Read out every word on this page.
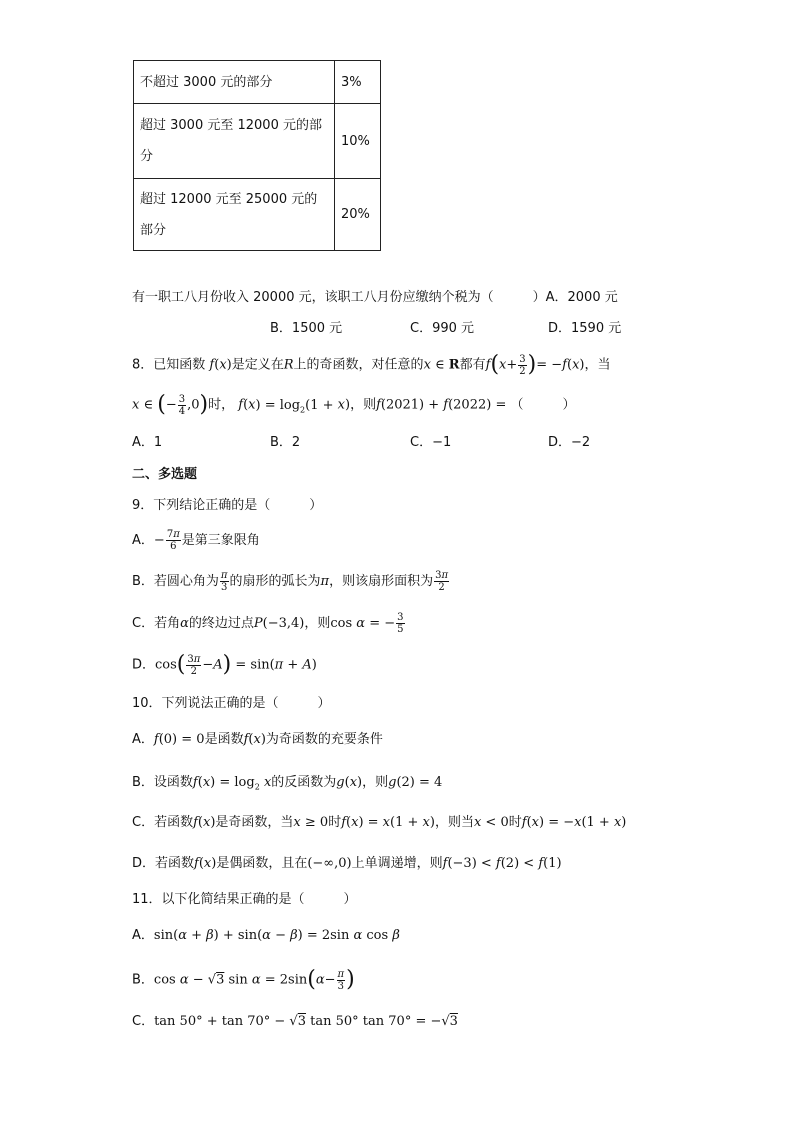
不超过 3000 元的部分	3%
超过 3000 元至 12000 元的部分	10%
超过 12000 元至 25000 元的部分	20%
有一职工八月份收入 20000 元，该职工八月份应缴纳个税为（　　　）A．2000 元
B．1500 元	C．990 元	D．1590 元
8．已知函数 f(x)是定义在R上的奇函数，对任意的x ∈ R都有$f(x+ \frac{3}{2}$ )= −f(x)，当
x ∈ (− $\frac{3}{4} ,0$)时， $f(x) = \log_2(1 + x)$，则f(2021) + f(2022) = （　　　）
A．1	B．2	C．−1	D．−2
二、多选题
9．下列结论正确的是（　　　）
A．− $\frac{7\pi}{6}$ 是第三象限角
B．若圆心角为 $\frac{\pi}{3}$ 的扇形的弧长为π，则该扇形面积为 $\frac{3\pi}{2}$
C．若角α的终边过点P(−3,4)，则cos α = − $\frac{3}{5}$
D．$\cos( \frac{3\pi}{2} -A) = \sin(\pi + A)$
10．下列说法正确的是（　　　）
A．f(0) = 0是函数f(x)为奇函数的充要条件
B．设函数$f(x) = \log_2 x$的反函数为g(x)，则g(2) = 4
C．若函数f(x)是奇函数，当x ≥ 0时f(x) = x(1 + x)，则当x < 0时f(x) = −x(1 + x)
D．若函数f(x)是偶函数，且在(−∞,0)上单调递增，则f(−3) < f(2) < f(1)
11．以下化简结果正确的是（　　　）
A．sin(α + β) + sin(α − β) = 2sin α cos β
B．cos α − √3 $\sin \alpha = 2\sin(\alpha- \frac{\pi}{3}$ )
C．tan 50° + tan 70° − √3 tan 50° tan 70° = −√3
